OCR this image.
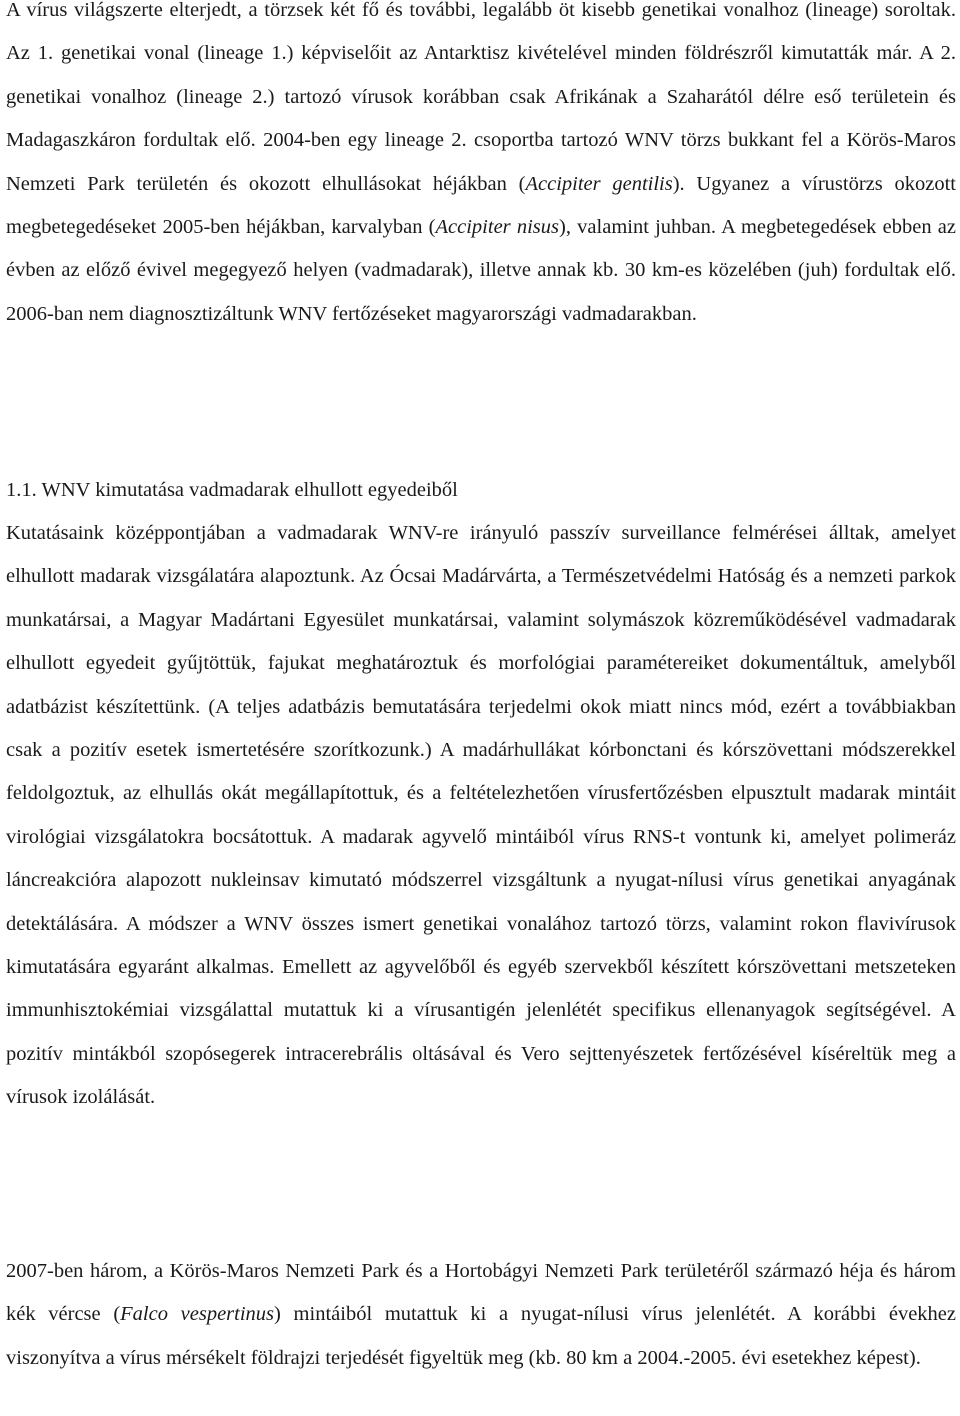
A vírus világszerte elterjedt, a törzsek két fő és további, legalább öt kisebb genetikai vonalhoz (lineage) soroltak. Az 1. genetikai vonal (lineage 1.) képviselőit az Antarktisz kivételével minden földrészről kimutatták már. A 2. genetikai vonalhoz (lineage 2.) tartozó vírusok korábban csak Afrikának a Szaharától délre eső területein és Madagaszkáron fordultak elő. 2004-ben egy lineage 2. csoportba tartozó WNV törzs bukkant fel a Körös-Maros Nemzeti Park területén és okozott elhullásokat héjákban (Accipiter gentilis). Ugyanez a vírustörzs okozott megbetegedéseket 2005-ben héjákban, karvalyban (Accipiter nisus), valamint juhban. A megbetegedések ebben az évben az előző évivel megegyező helyen (vadmadarak), illetve annak kb. 30 km-es közelében (juh) fordultak elő. 2006-ban nem diagnosztizáltunk WNV fertőzéseket magyarországi vadmadarakban.

1.1. WNV kimutatása vadmadarak elhullott egyedeiből

Kutatásaink középpontjában a vadmadarak WNV-re irányuló passzív surveillance felmérései álltak, amelyet elhullott madarak vizsgálatára alapoztunk. Az Ócsai Madárvárta, a Természetvédelmi Hatóság és a nemzeti parkok munkatársai, a Magyar Madártani Egyesület munkatársai, valamint solymászok közreműködésével vadmadarak elhullott egyedeit gyűjtöttük, fajukat meghatároztuk és morfológiai paramétereiket dokumentáltuk, amelyből adatbázist készítettünk. (A teljes adatbázis bemutatására terjedelmi okok miatt nincs mód, ezért a továbbiakban csak a pozitív esetek ismertetésére szorítkozunk.) A madárhullákat kórbonctani és kórszövettani módszerekkel feldolgoztuk, az elhullás okát megállapítottuk, és a feltételezhetően vírusfertőzésben elpusztult madarak mintáit virológiai vizsgálatokra bocsátottuk. A madarak agyvelő mintáiból vírus RNS-t vontunk ki, amelyet polimeráz láncreakcióra alapozott nukleinsav kimutató módszerrel vizsgáltunk a nyugat-nílusi vírus genetikai anyagának detektálására. A módszer a WNV összes ismert genetikai vonalához tartozó törzs, valamint rokon flavivírusok kimutatására egyaránt alkalmas. Emellett az agyvelőből és egyéb szervekből készített kórszövettani metszeteken immunhisztokémiai vizsgálattal mutattuk ki a vírusantigén jelenlétét specifikus ellenanyagok segítségével. A pozitív mintákból szopósegerek intracerebrális oltásával és Vero sejttenyészetek fertőzésével kíséreltük meg a vírusok izolálását.

2007-ben három, a Körös-Maros Nemzeti Park és a Hortobágyi Nemzeti Park területéről származó héja és három kék vércse (Falco vespertinus) mintáiból mutattuk ki a nyugat-nílusi vírus jelenlétét. A korábbi évekhez viszonyítva a vírus mérsékelt földrajzi terjedését figyeltük meg (kb. 80 km a 2004.-2005. évi esetekhez képest).
